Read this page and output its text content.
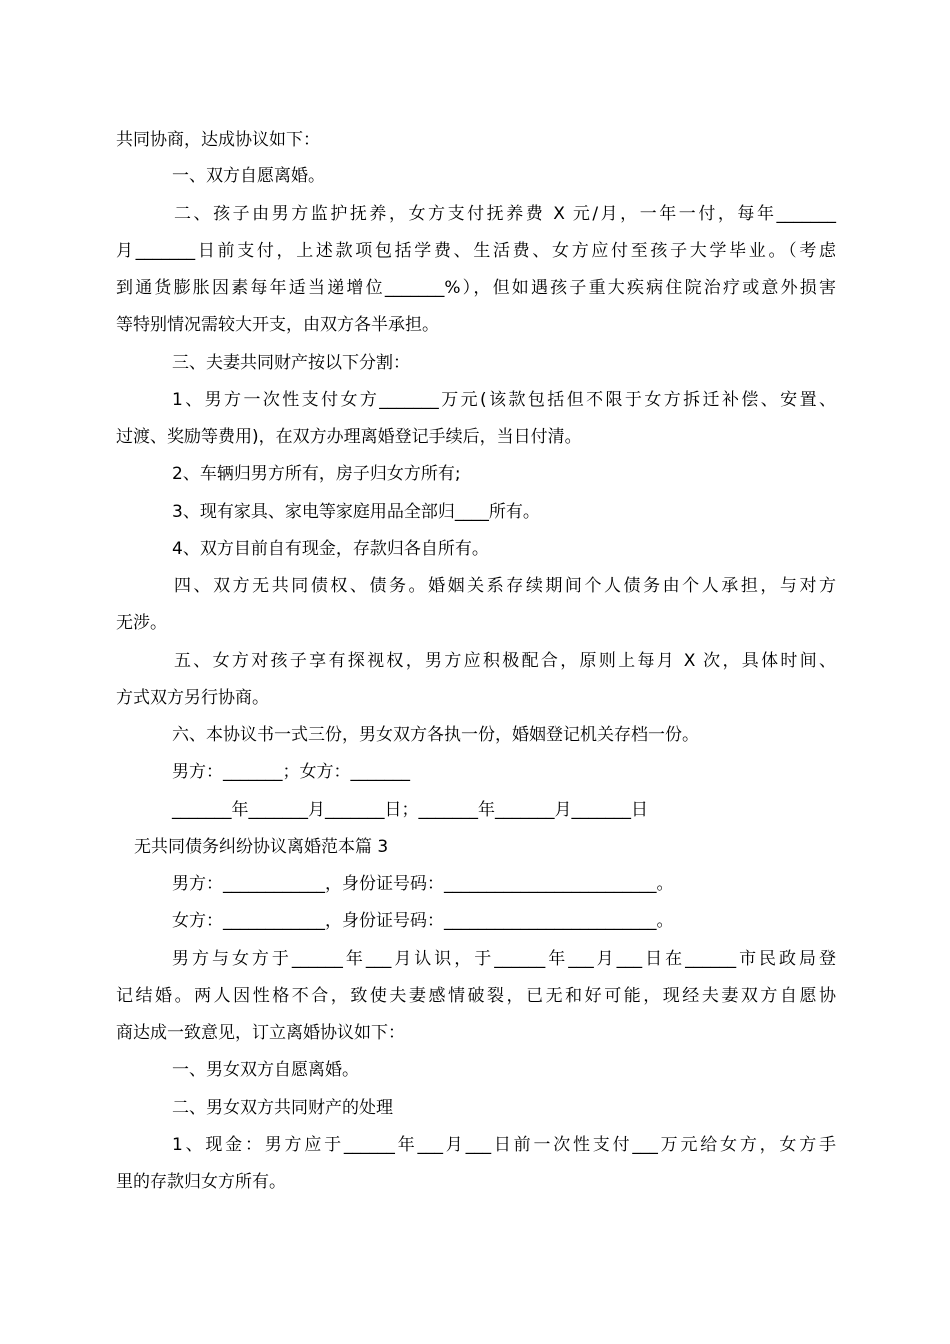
共同协商，达成协议如下：
一、双方自愿离婚。
二、孩子由男方监护抚养，女方支付抚养费 X 元/月，一年一付，每年_______
月_______日前支付，上述款项包括学费、生活费、女方应付至孩子大学毕业。（考虑
到通货膨胀因素每年适当递增位_______%），但如遇孩子重大疾病住院治疗或意外损害
等特别情况需较大开支，由双方各半承担。
三、夫妻共同财产按以下分割：
1、男方一次性支付女方_______万元(该款包括但不限于女方拆迁补偿、安置、
过渡、奖励等费用)，在双方办理离婚登记手续后，当日付清。
2、车辆归男方所有，房子归女方所有;
3、现有家具、家电等家庭用品全部归____所有。
4、双方目前自有现金，存款归各自所有。
四、双方无共同债权、债务。婚姻关系存续期间个人债务由个人承担，与对方
无涉。
五、女方对孩子享有探视权，男方应积极配合，原则上每月 X 次，具体时间、
方式双方另行协商。
六、本协议书一式三份，男女双方各执一份，婚姻登记机关存档一份。
男方：_______；女方：_______
_______年_______月_______日；_______年_______月_______日
无共同债务纠纷协议离婚范本篇 3
男方：____________，身份证号码：_________________________。
女方：____________，身份证号码：_________________________。
男方与女方于______年___月认识，于______年___月___日在______市民政局登
记结婚。两人因性格不合，致使夫妻感情破裂，已无和好可能，现经夫妻双方自愿协
商达成一致意见，订立离婚协议如下：
一、男女双方自愿离婚。
二、男女双方共同财产的处理
1、现金：男方应于______年___月___日前一次性支付___万元给女方，女方手
里的存款归女方所有。
